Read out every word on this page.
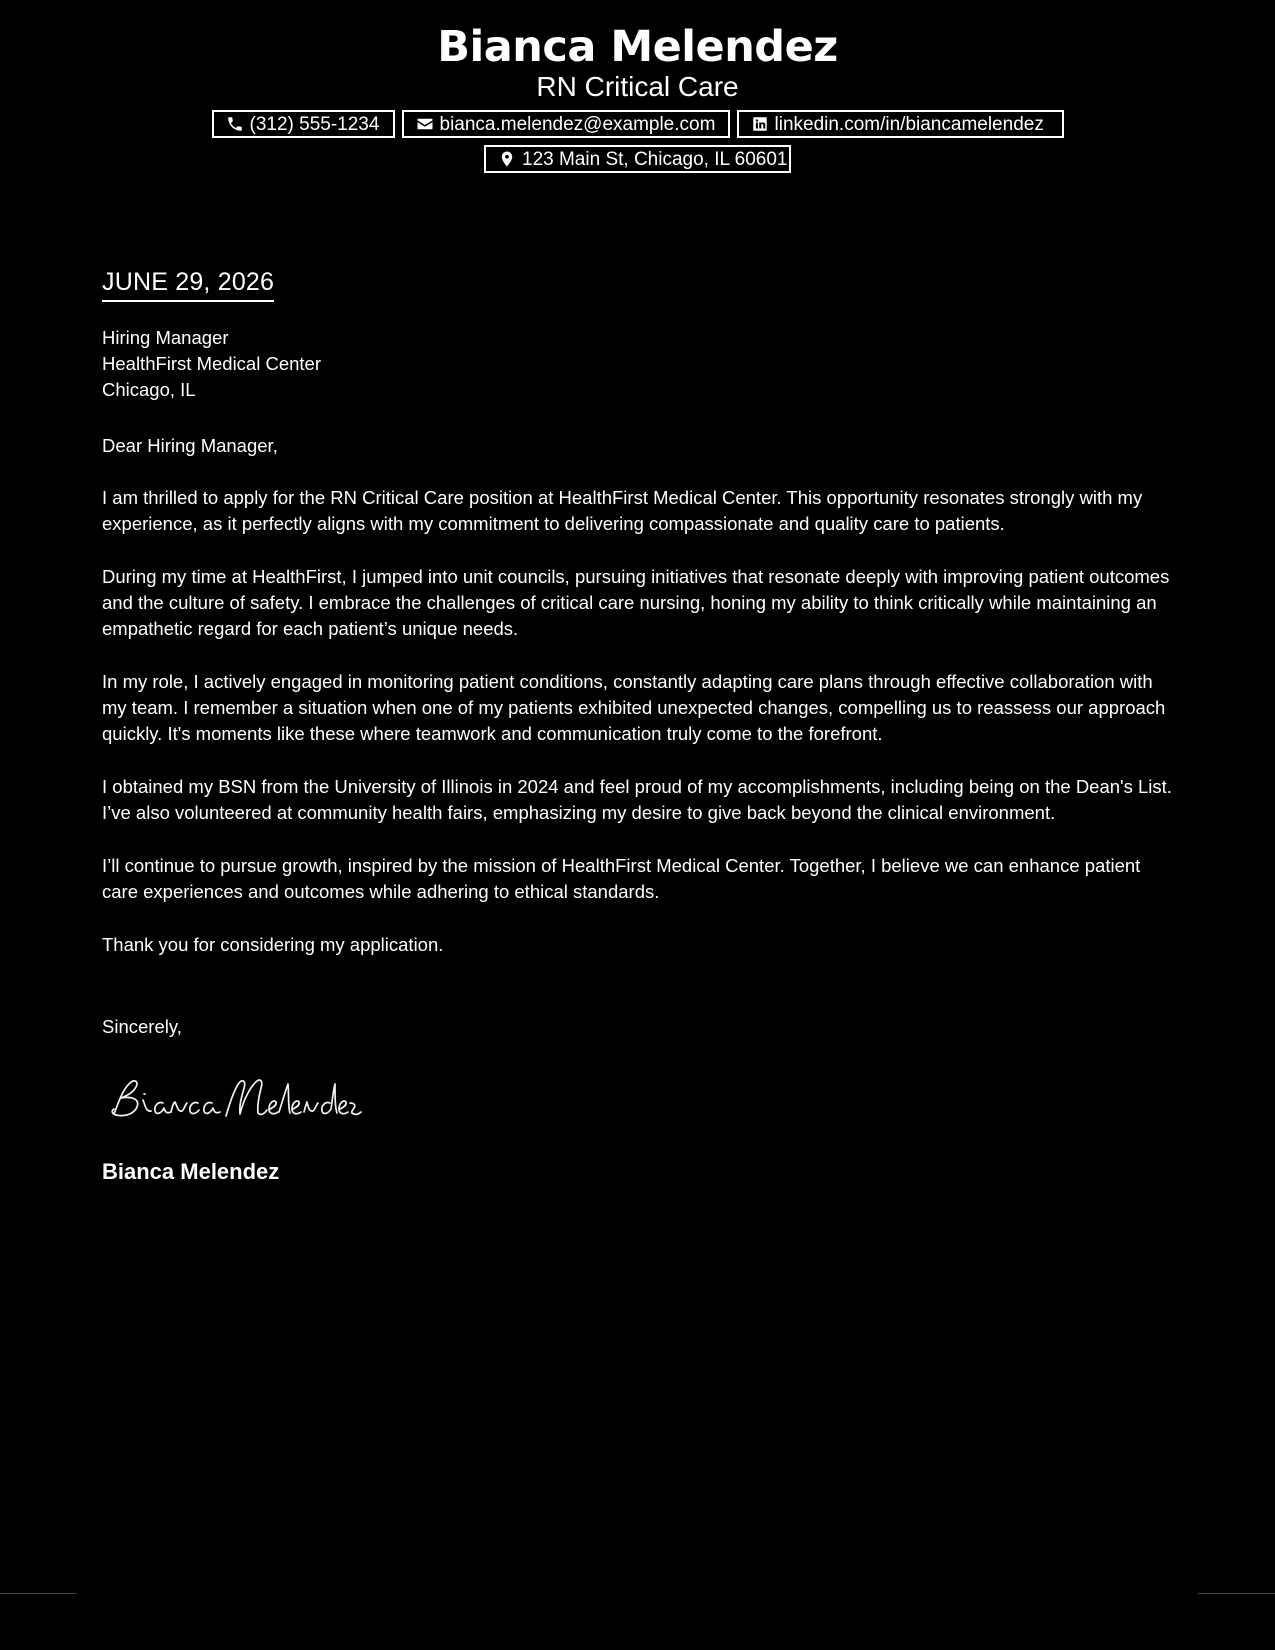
Bianca Melendez
RN Critical Care
(312) 555-1234	bianca.melendez@example.com	linkedin.com/in/biancamelendez
123 Main St, Chicago, IL 60601
JUNE 29, 2026
Hiring Manager
HealthFirst Medical Center
Chicago, IL
Dear Hiring Manager,

I am thrilled to apply for the RN Critical Care position at HealthFirst Medical Center. This opportunity resonates strongly with my experience, as it perfectly aligns with my commitment to delivering compassionate and quality care to patients.

During my time at HealthFirst, I jumped into unit councils, pursuing initiatives that resonate deeply with improving patient outcomes and the culture of safety. I embrace the challenges of critical care nursing, honing my ability to think critically while maintaining an empathetic regard for each patient’s unique needs.

In my role, I actively engaged in monitoring patient conditions, constantly adapting care plans through effective collaboration with my team. I remember a situation when one of my patients exhibited unexpected changes, compelling us to reassess our approach quickly. It's moments like these where teamwork and communication truly come to the forefront.

I obtained my BSN from the University of Illinois in 2024 and feel proud of my accomplishments, including being on the Dean's List. I’ve also volunteered at community health fairs, emphasizing my desire to give back beyond the clinical environment.

I’ll continue to pursue growth, inspired by the mission of HealthFirst Medical Center. Together, I believe we can enhance patient care experiences and outcomes while adhering to ethical standards.

Thank you for considering my application.

Sincerely,
Bianca Melendez
